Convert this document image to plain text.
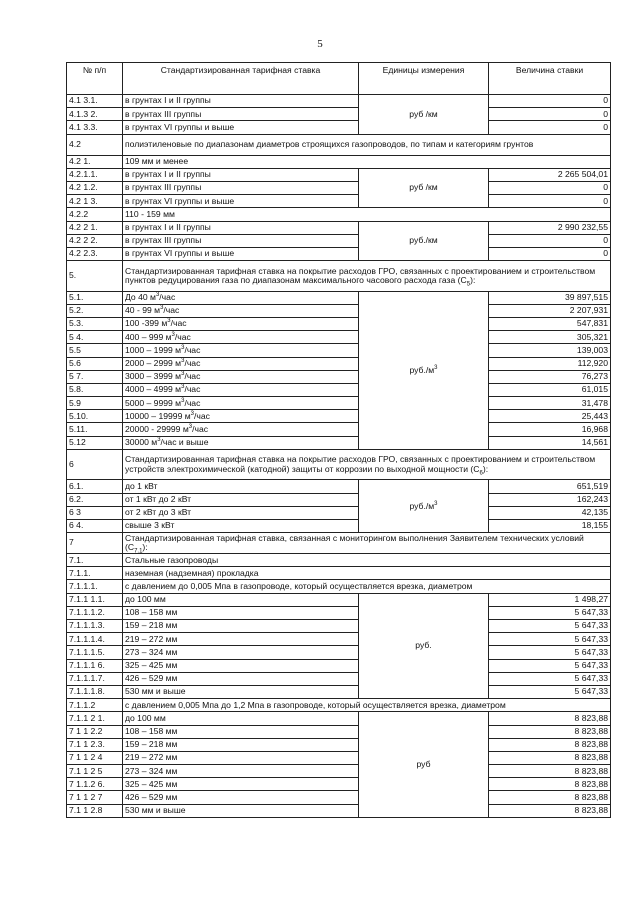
5
№ п/п	Стандартизированная тарифная ставка	Единицы измерения	Величина ставки
4.1 3.1.	в грунтах I и II группы	руб /км	0
4.1.3 2.	в грунтах III группы		0
4.1 3.3.	в грунтах VI группы и выше		0
4.2	полиэтиленовые по диапазонам диаметров строящихся газопроводов, по типам и категориям грунтов		
4.2 1.	109 мм и менее		
4.2.1.1.	в грунтах I и II группы	руб /км	2 265 504,01
4.2 1.2.	в грунтах III группы		0
4.2 1 3.	в грунтах VI группы и выше		0
4.2.2	110 - 159 мм		
4.2 2 1.	в грунтах I и II группы	руб./км	2 990 232,55
4.2 2 2.	в грунтах III группы		0
4.2 2.3.	в грунтах VI группы и выше		0
5.	Стандартизированная тарифная ставка на покрытие расходов ГРО, связанных с проектированием и строительством пунктов редуцирования газа по диапазонам максимального часового расхода газа $(C_5)$:		
5.1.	До 40 $м^3$/час	$руб./м^3$	39 897,515
5.2.	40 - 99 $м^3$/час		2 207,931
5.3.	100 -399 $м^3$/час		547,831
5 4.	400 – 999 $м^3$/час		305,321
5.5	1000 – 1999 $м^3$/час		139,003
5.6	2000 – 2999 $м^3$/час		112,920
5 7.	3000 – 3999 $м^3$/час		76,273
5.8.	4000 – 4999 $м^3$/час		61,015
5.9	5000 – 9999 $м^3$/час		31,478
5.10.	10000 – 19999 $м^3$/час		25,443
5.11.	20000 - 29999 $м^3$/час		16,968
5.12	30000 $м^3$/час и выше		14,561
6	Стандартизированная тарифная ставка на покрытие расходов ГРО, связанных с проектированием и строительством устройств электрохимической (катодной) защиты от коррозии по выходной мощности $(C_6)$:		
6.1.	до 1 кВт	$руб./м^3$	651,519
6.2.	от 1 кВт до 2 кВт		162,243
6 3	от 2 кВт до 3 кВт		42,135
6 4.	свыше 3 кВт		18,155
7	Стандартизированная тарифная ставка, связанная с мониторингом выполнения Заявителем технических условий $(C_{7.1})$:		
7.1.	Стальные газопроводы		
7.1.1.	наземная (надземная) прокладка		
7.1.1.1.	с давлением до 0,005 Мпа в газопроводе, который осуществляется врезка, диаметром		
7.1.1 1.1.	до 100 мм	руб.	1 498,27
7.1.1.1.2.	108 – 158 мм		5 647,33
7.1.1.1.3.	159 – 218 мм		5 647,33
7.1.1.1.4.	219 – 272 мм		5 647,33
7.1.1.1.5.	273 – 324 мм		5 647,33
7.1.1.1 6.	325 – 425 мм		5 647,33
7.1.1.1.7.	426 – 529 мм		5 647,33
7.1.1.1.8.	530 мм и выше		5 647,33
7.1.1.2	с давлением 0,005 Мпа до 1,2 Мпа в газопроводе, который осуществляется врезка, диаметром		
7.1.1 2 1.	до 100 мм	руб	8 823,88
7 1 1 2.2	108 – 158 мм		8 823,88
7.1 1 2.3.	159 – 218 мм		8 823,88
7 1 1 2 4	219 – 272 мм		8 823,88
7.1 1 2 5	273 – 324 мм		8 823,88
7 1.1.2 6.	325 – 425 мм		8 823,88
7 1 1 2 7	426 – 529 мм		8 823,88
7.1 1 2.8	530 мм и выше		8 823,88
